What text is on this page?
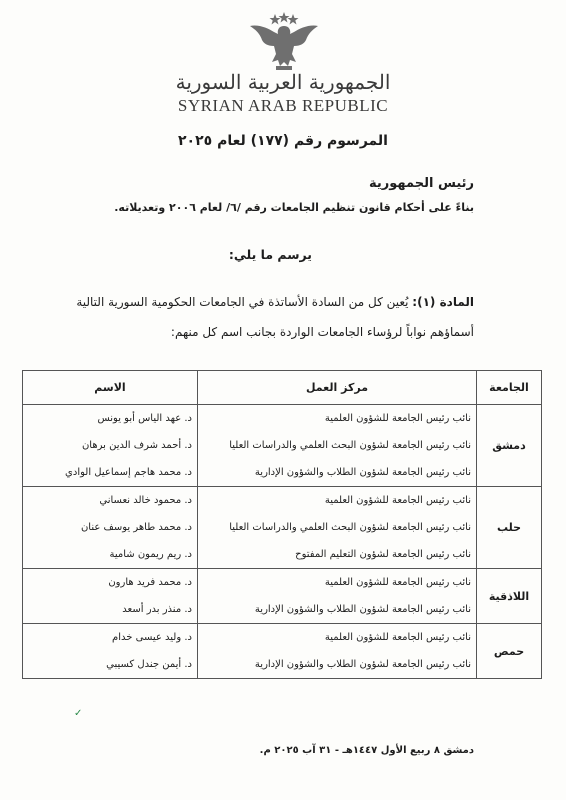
الجمهورية العربية السورية
SYRIAN ARAB REPUBLIC
المرسوم رقم (١٧٧) لعام ٢٠٢٥
رئيس الجمهورية
بناءً على أحكام قانون تنظيم الجامعات رقم /٦/ لعام ٢٠٠٦ وتعديلاته.
يرسم ما يلي:
المادة (١): يُعين كل من السادة الأساتذة في الجامعات الحكومية السورية التالية
أسماؤهم نواباً لرؤساء الجامعات الواردة بجانب اسم كل منهم:
الجامعة	مركز العمل	الاسم
دمشق	نائب رئيس الجامعة للشؤون العلمية	د. عهد الياس أبو يونس
	نائب رئيس الجامعة لشؤون البحث العلمي والدراسات العليا	د. أحمد شرف الدين برهان
	نائب رئيس الجامعة لشؤون الطلاب والشؤون الإدارية	د. محمد هاجم إسماعيل الوادي
حلب	نائب رئيس الجامعة للشؤون العلمية	د. محمود خالد نعساني
	نائب رئيس الجامعة لشؤون البحث العلمي والدراسات العليا	د. محمد طاهر يوسف عنان
	نائب رئيس الجامعة لشؤون التعليم المفتوح	د. ريم ريمون شامية
اللاذقية	نائب رئيس الجامعة للشؤون العلمية	د. محمد فريد هارون
	نائب رئيس الجامعة لشؤون الطلاب والشؤون الإدارية	د. منذر بدر أسعد
حمص	نائب رئيس الجامعة للشؤون العلمية	د. وليد عيسى خدام
	نائب رئيس الجامعة لشؤون الطلاب والشؤون الإدارية	د. أيمن جندل كسيبي
✓
دمشق ٨ ربيع الأول ١٤٤٧هـ - ٣١ آب ٢٠٢٥ م.
